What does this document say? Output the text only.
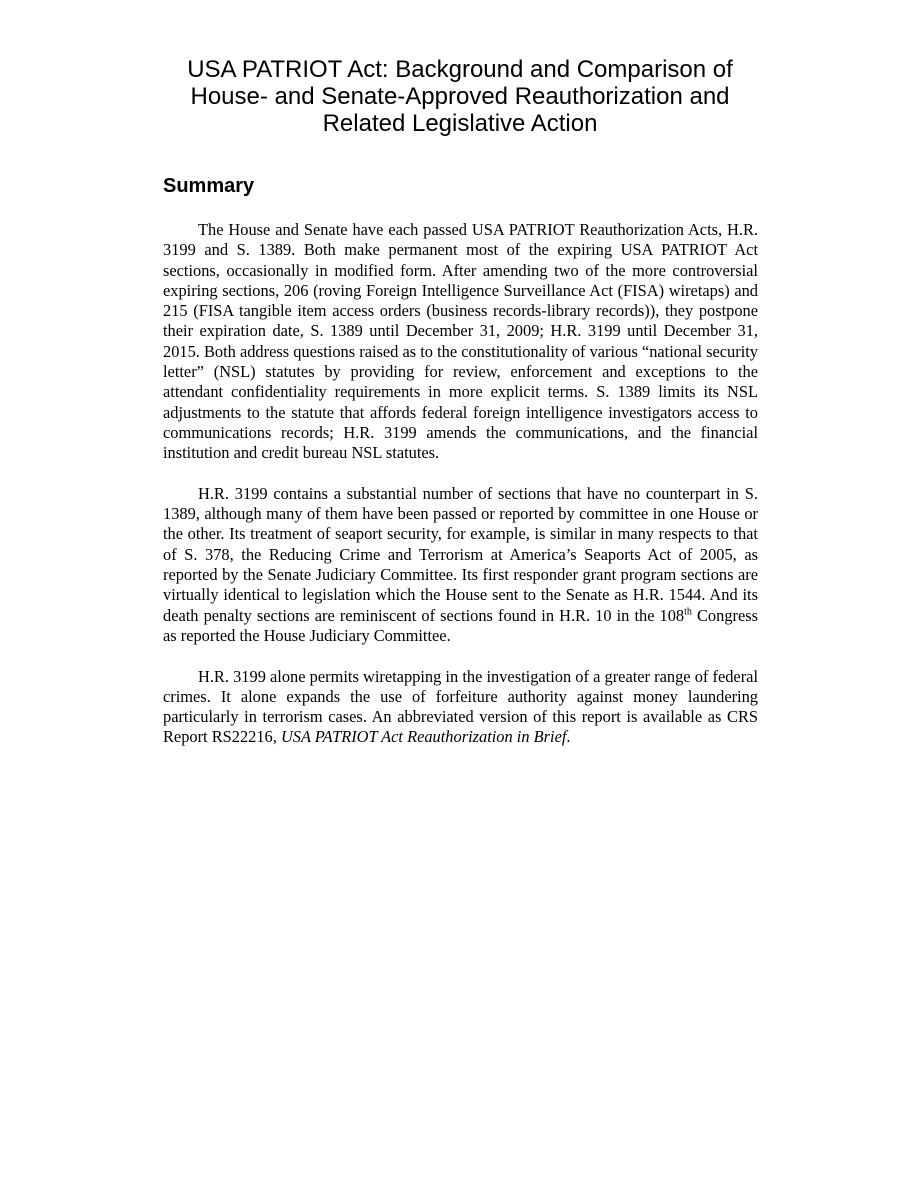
USA PATRIOT Act: Background and Comparison of
House- and Senate-Approved Reauthorization and
Related Legislative Action
Summary

The House and Senate have each passed USA PATRIOT Reauthorization Acts, H.R. 3199 and S. 1389. Both make permanent most of the expiring USA PATRIOT Act sections, occasionally in modified form. After amending two of the more controversial expiring sections, 206 (roving Foreign Intelligence Surveillance Act (FISA) wiretaps) and 215 (FISA tangible item access orders (business records-library records)), they postpone their expiration date, S. 1389 until December 31, 2009; H.R. 3199 until December 31, 2015. Both address questions raised as to the constitutionality of various “national security letter” (NSL) statutes by providing for review, enforcement and exceptions to the attendant confidentiality requirements in more explicit terms. S. 1389 limits its NSL adjustments to the statute that affords federal foreign intelligence investigators access to communications records; H.R. 3199 amends the communications, and the financial institution and credit bureau NSL statutes.

H.R. 3199 contains a substantial number of sections that have no counterpart in S. 1389, although many of them have been passed or reported by committee in one House or the other. Its treatment of seaport security, for example, is similar in many respects to that of S. 378, the Reducing Crime and Terrorism at America’s Seaports Act of 2005, as reported by the Senate Judiciary Committee. Its first responder grant program sections are virtually identical to legislation which the House sent to the Senate as H.R. 1544. And its death penalty sections are reminiscent of sections found in H.R. 10 in the 108th Congress as reported the House Judiciary Committee.

H.R. 3199 alone permits wiretapping in the investigation of a greater range of federal crimes. It alone expands the use of forfeiture authority against money laundering particularly in terrorism cases. An abbreviated version of this report is available as CRS Report RS22216, USA PATRIOT Act Reauthorization in Brief.
